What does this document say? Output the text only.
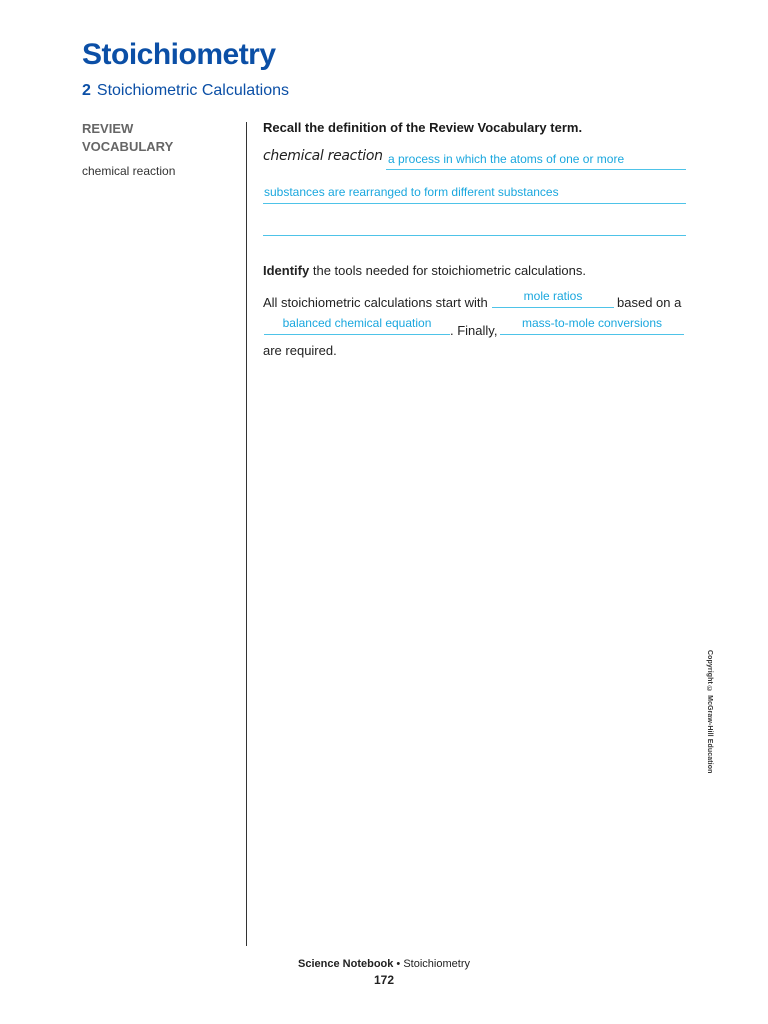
Stoichiometry
2 Stoichiometric Calculations
REVIEW
VOCABULARY
chemical reaction

Recall the definition of the Review Vocabulary term.

chemical reaction a process in which the atoms of one or more
substances are rearranged to form different substances
Identify the tools needed for stoichiometric calculations.
All stoichiometric calculations start with	mole ratios	based on a
balanced chemical equation	. Finally,	mass-to-mole conversions
are required.
Copyright © McGraw-Hill Education
Science Notebook • Stoichiometry
172
